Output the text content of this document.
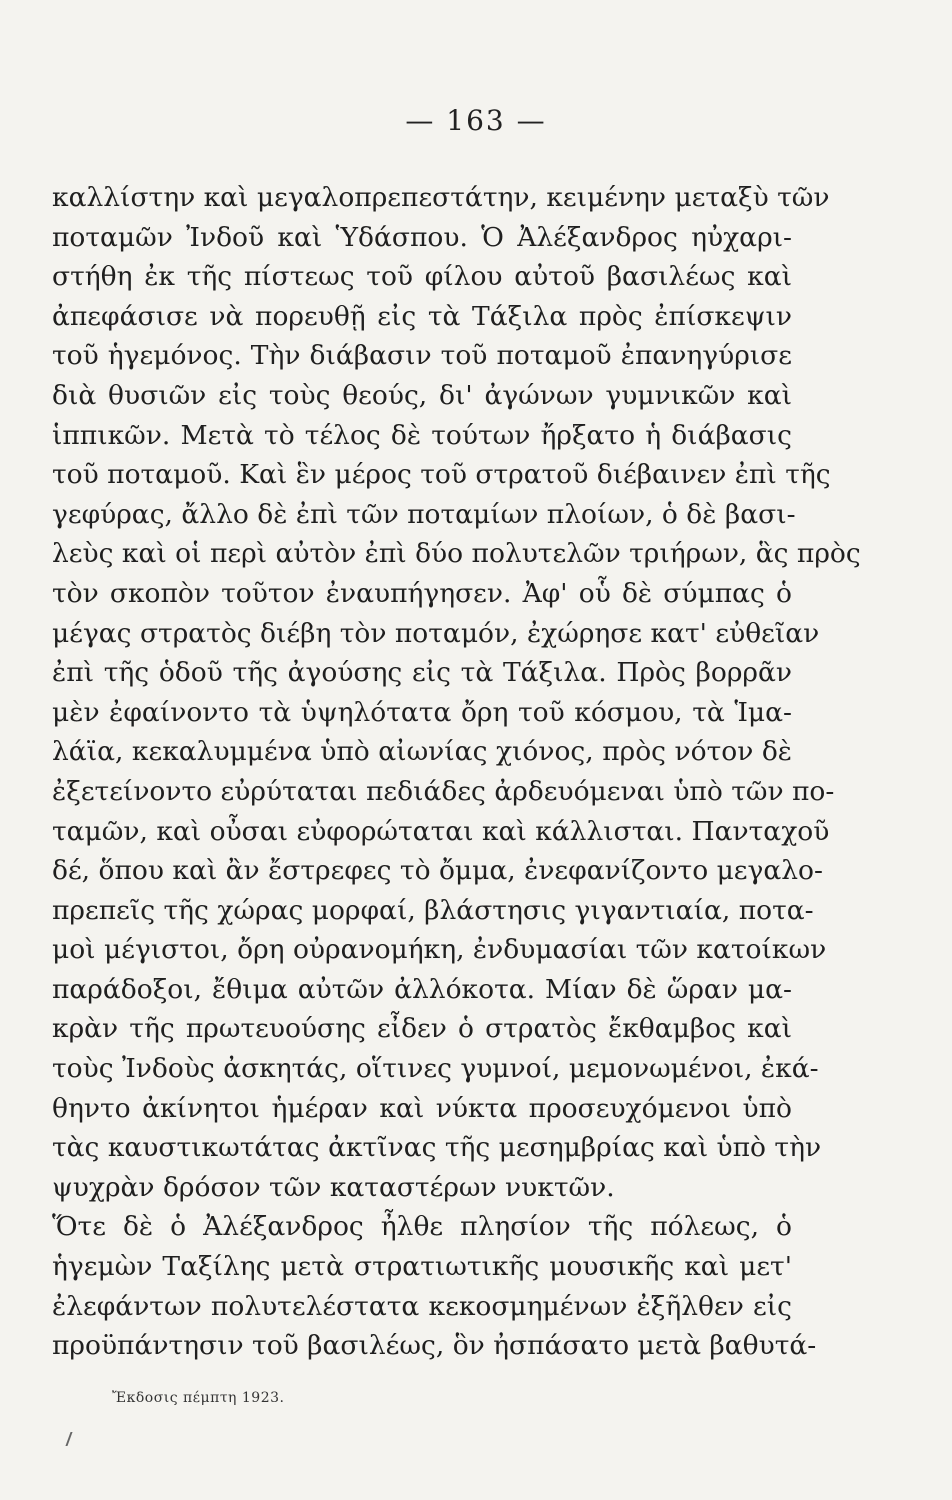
— 163 —
καλλίστην καὶ μεγαλοπρεπεστάτην, κειμένην μεταξὺ τῶν
ποταμῶν Ἰνδοῦ καὶ Ὑδάσπου. Ὁ Ἀλέξανδρος ηὐχαρι-
στήθη ἐκ τῆς πίστεως τοῦ φίλου αὐτοῦ βασιλέως καὶ
ἀπεφάσισε νὰ πορευθῇ εἰς τὰ Τάξιλα πρὸς ἐπίσκεψιν
τοῦ ἡγεμόνος. Τὴν διάβασιν τοῦ ποταμοῦ ἐπανηγύρισε
διὰ θυσιῶν εἰς τοὺς θεούς, δι' ἀγώνων γυμνικῶν καὶ
ἱππικῶν. Μετὰ τὸ τέλος δὲ τούτων ἤρξατο ἡ διάβασις
τοῦ ποταμοῦ. Καὶ ἓν μέρος τοῦ στρατοῦ διέβαινεν ἐπὶ τῆς
γεφύρας, ἄλλο δὲ ἐπὶ τῶν ποταμίων πλοίων, ὁ δὲ βασι-
λεὺς καὶ οἱ περὶ αὐτὸν ἐπὶ δύο πολυτελῶν τριήρων, ἃς πρὸς
τὸν σκοπὸν τοῦτον ἐναυπήγησεν. Ἀφ' οὗ δὲ σύμπας ὁ
μέγας στρατὸς διέβη τὸν ποταμόν, ἐχώρησε κατ' εὐθεῖαν
ἐπὶ τῆς ὁδοῦ τῆς ἀγούσης εἰς τὰ Τάξιλα. Πρὸς βορρᾶν
μὲν ἐφαίνοντο τὰ ὑψηλότατα ὄρη τοῦ κόσμου, τὰ Ἱμα-
λάϊα, κεκαλυμμένα ὑπὸ αἰωνίας χιόνος, πρὸς νότον δὲ
ἐξετείνοντο εὐρύταται πεδιάδες ἀρδευόμεναι ὑπὸ τῶν πο-
ταμῶν, καὶ οὖσαι εὐφορώταται καὶ κάλλισται. Πανταχοῦ
δέ, ὅπου καὶ ἂν ἔστρεφες τὸ ὄμμα, ἐνεφανίζοντο μεγαλο-
πρεπεῖς τῆς χώρας μορφαί, βλάστησις γιγαντιαία, ποτα-
μοὶ μέγιστοι, ὄρη οὐρανομήκη, ἐνδυμασίαι τῶν κατοίκων
παράδοξοι, ἔθιμα αὐτῶν ἀλλόκοτα. Μίαν δὲ ὥραν μα-
κρὰν τῆς πρωτευούσης εἶδεν ὁ στρατὸς ἔκθαμβος καὶ
τοὺς Ἰνδοὺς ἀσκητάς, οἵτινες γυμνοί, μεμονωμένοι, ἐκά-
θηντο ἀκίνητοι ἡμέραν καὶ νύκτα προσευχόμενοι ὑπὸ
τὰς καυστικωτάτας ἀκτῖνας τῆς μεσημβρίας καὶ ὑπὸ τὴν
ψυχρὰν δρόσον τῶν καταστέρων νυκτῶν.
Ὅτε δὲ ὁ Ἀλέξανδρος ἦλθε πλησίον τῆς πόλεως, ὁ
ἡγεμὼν Ταξίλης μετὰ στρατιωτικῆς μουσικῆς καὶ μετ'
ἐλεφάντων πολυτελέστατα κεκοσμημένων ἐξῆλθεν εἰς
προϋπάντησιν τοῦ βασιλέως, ὃν ἠσπάσατο μετὰ βαθυτά-
Ἔκδοσις πέμπτη 1923.
